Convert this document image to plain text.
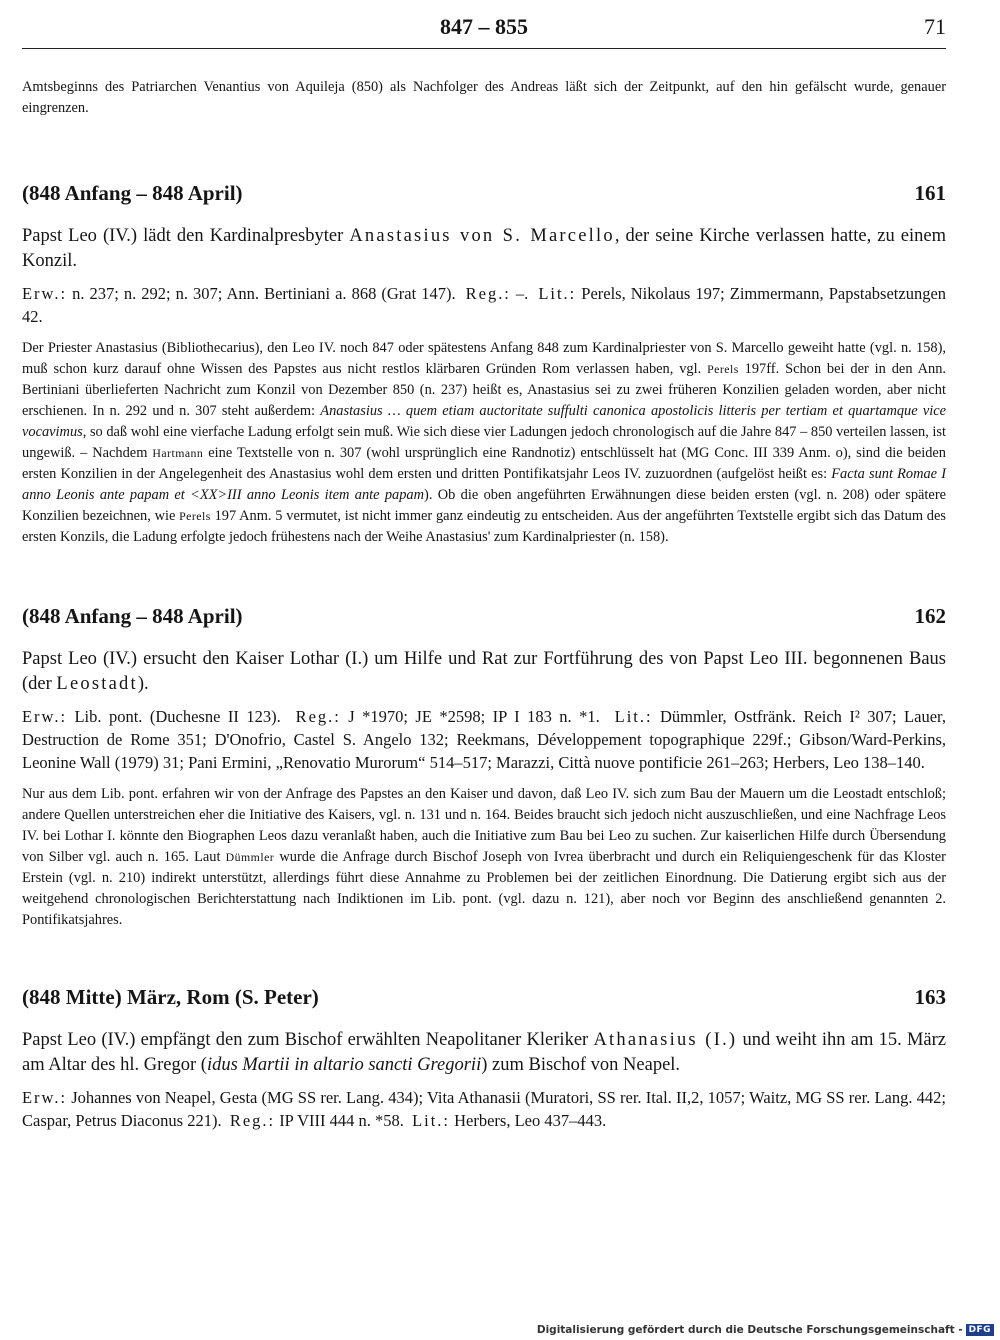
847 – 855	71

Amtsbeginns des Patriarchen Venantius von Aquileja (850) als Nachfolger des Andreas läßt sich der Zeitpunkt, auf den hin gefälscht wurde, genauer eingrenzen.

(848 Anfang – 848 April)	161

Papst Leo (IV.) lädt den Kardinalpresbyter Anastasius von S. Marcello, der seine Kirche verlassen hatte, zu einem Konzil.

Erw.: n. 237; n. 292; n. 307; Ann. Bertiniani a. 868 (Grat 147). Reg.: –. Lit.: Perels, Nikolaus 197; Zimmermann, Papstabsetzungen 42.

Der Priester Anastasius (Bibliothecarius), den Leo IV. noch 847 oder spätestens Anfang 848 zum Kardinalpriester von S. Marcello geweiht hatte (vgl. n. 158), muß schon kurz darauf ohne Wissen des Papstes aus nicht restlos klärbaren Gründen Rom verlassen haben, vgl. Perels 197ff. Schon bei der in den Ann. Bertiniani überlieferten Nachricht zum Konzil von Dezember 850 (n. 237) heißt es, Anastasius sei zu zwei früheren Konzilien geladen worden, aber nicht erschienen. In n. 292 und n. 307 steht außerdem: Anastasius … quem etiam auctoritate suffulti canonica apostolicis litteris per tertiam et quartamque vice vocavimus, so daß wohl eine vierfache Ladung erfolgt sein muß. Wie sich diese vier Ladungen jedoch chronologisch auf die Jahre 847 – 850 verteilen lassen, ist ungewiß. – Nachdem Hartmann eine Textstelle von n. 307 (wohl ursprünglich eine Randnotiz) entschlüsselt hat (MG Conc. III 339 Anm. o), sind die beiden ersten Konzilien in der Angelegenheit des Anastasius wohl dem ersten und dritten Pontifikatsjahr Leos IV. zuzuordnen (aufgelöst heißt es: Facta sunt Romae I anno Leonis ante papam et <XX>III anno Leonis item ante papam). Ob die oben angeführten Erwähnungen diese beiden ersten (vgl. n. 208) oder spätere Konzilien bezeichnen, wie Perels 197 Anm. 5 vermutet, ist nicht immer ganz eindeutig zu entscheiden. Aus der angeführten Textstelle ergibt sich das Datum des ersten Konzils, die Ladung erfolgte jedoch frühestens nach der Weihe Anastasius' zum Kardinalpriester (n. 158).

(848 Anfang – 848 April)	162

Papst Leo (IV.) ersucht den Kaiser Lothar (I.) um Hilfe und Rat zur Fortführung des von Papst Leo III. begonnenen Baus (der Leostadt).

Erw.: Lib. pont. (Duchesne II 123). Reg.: J *1970; JE *2598; IP I 183 n. *1. Lit.: Dümmler, Ostfränk. Reich I² 307; Lauer, Destruction de Rome 351; D'Onofrio, Castel S. Angelo 132; Reekmans, Développement topographique 229f.; Gibson/Ward-Perkins, Leonine Wall (1979) 31; Pani Ermini, „Renovatio Murorum“ 514–517; Marazzi, Città nuove pontificie 261–263; Herbers, Leo 138–140.

Nur aus dem Lib. pont. erfahren wir von der Anfrage des Papstes an den Kaiser und davon, daß Leo IV. sich zum Bau der Mauern um die Leostadt entschloß; andere Quellen unterstreichen eher die Initiative des Kaisers, vgl. n. 131 und n. 164. Beides braucht sich jedoch nicht auszuschließen, und eine Nachfrage Leos IV. bei Lothar I. könnte den Biographen Leos dazu veranlaßt haben, auch die Initiative zum Bau bei Leo zu suchen. Zur kaiserlichen Hilfe durch Übersendung von Silber vgl. auch n. 165. Laut Dümmler wurde die Anfrage durch Bischof Joseph von Ivrea überbracht und durch ein Reliquiengeschenk für das Kloster Erstein (vgl. n. 210) indirekt unterstützt, allerdings führt diese Annahme zu Problemen bei der zeitlichen Einordnung. Die Datierung ergibt sich aus der weitgehend chronologischen Berichterstattung nach Indiktionen im Lib. pont. (vgl. dazu n. 121), aber noch vor Beginn des anschließend genannten 2. Pontifikatsjahres.

(848 Mitte) März, Rom (S. Peter)	163

Papst Leo (IV.) empfängt den zum Bischof erwählten Neapolitaner Kleriker Athanasius (I.) und weiht ihn am 15. März am Altar des hl. Gregor (idus Martii in altario sancti Gregorii) zum Bischof von Neapel.

Erw.: Johannes von Neapel, Gesta (MG SS rer. Lang. 434); Vita Athanasii (Muratori, SS rer. Ital. II,2, 1057; Waitz, MG SS rer. Lang. 442; Caspar, Petrus Diaconus 221). Reg.: IP VIII 444 n. *58. Lit.: Herbers, Leo 437–443.

Digitalisierung gefördert durch die Deutsche Forschungsgemeinschaft - DFG
